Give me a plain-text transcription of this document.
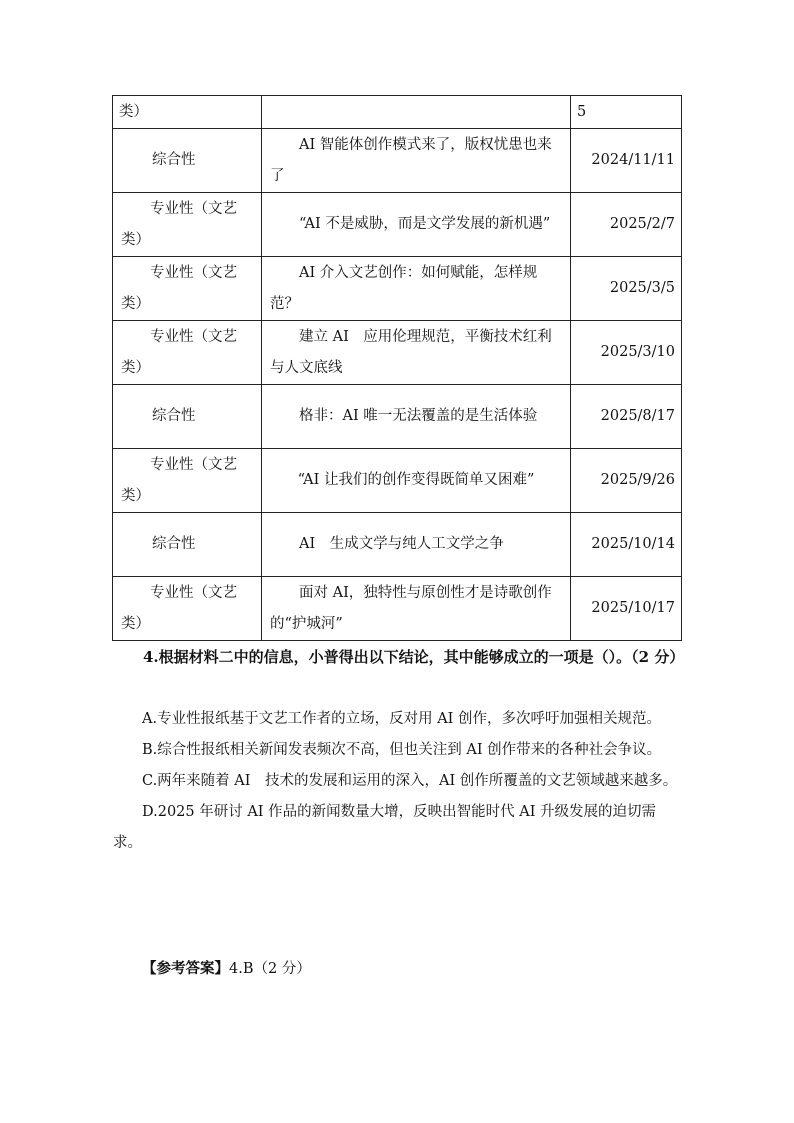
类）		5

综合性	AI 智能体创作模式来了，版权忧患也来了	2024/11/11

专业性（文艺类）	“AI 不是威胁，而是文学发展的新机遇”	2025/2/7

专业性（文艺类）	AI 介入文艺创作：如何赋能，怎样规范？	2025/3/5

专业性（文艺类）	建立 AI　应用伦理规范，平衡技术红利与人文底线	2025/3/10

综合性	格非：AI 唯一无法覆盖的是生活体验	2025/8/17

专业性（文艺类）	“AI 让我们的创作变得既简单又困难”	2025/9/26

综合性	AI　生成文学与纯人工文学之争	2025/10/14

专业性（文艺类）	面对 AI，独特性与原创性才是诗歌创作的“护城河”	2025/10/17
4.根据材料二中的信息，小普得出以下结论，其中能够成立的一项是（）。（2 分）

A.专业性报纸基于文艺工作者的立场，反对用 AI 创作，多次呼吁加强相关规范。

B.综合性报纸相关新闻发表频次不高，但也关注到 AI 创作带来的各种社会争议。

C.两年来随着 AI　技术的发展和运用的深入，AI 创作所覆盖的文艺领域越来越多。

D.2025 年研讨 AI 作品的新闻数量大增，反映出智能时代 AI 升级发展的迫切需求。

【参考答案】4.B（2 分）
